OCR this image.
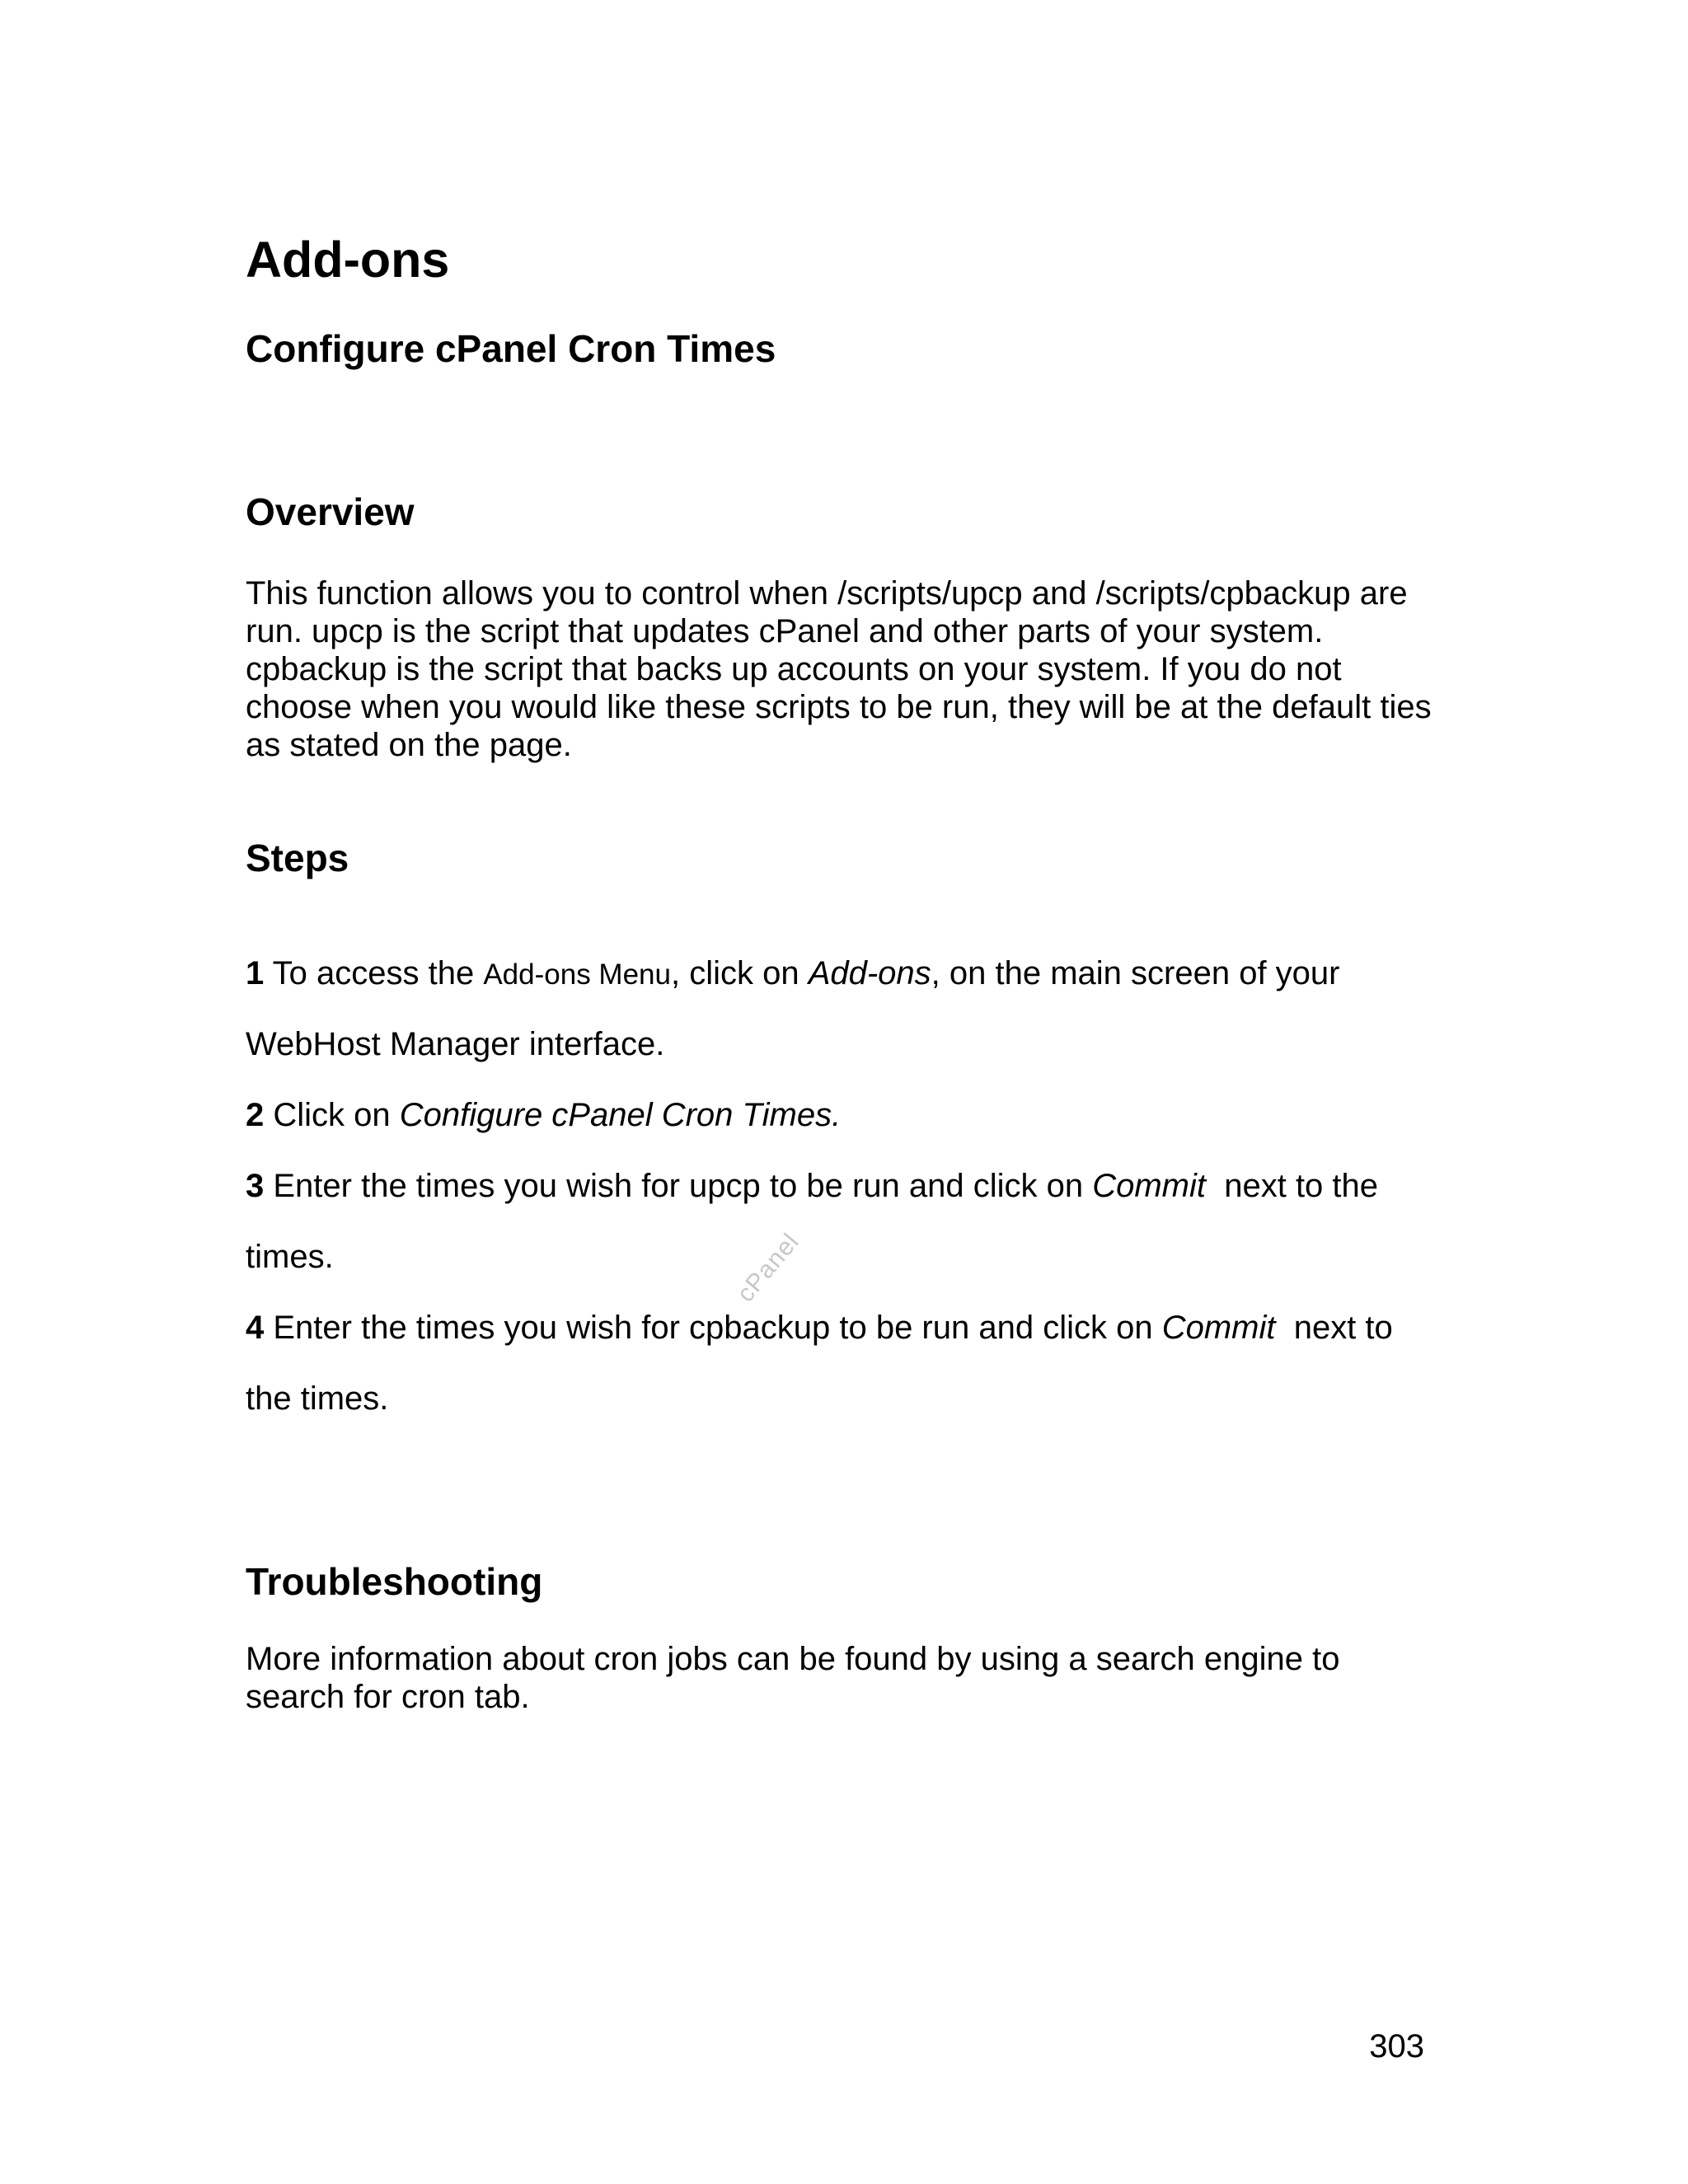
Add-ons
Configure cPanel Cron Times
Overview

This function allows you to control when /scripts/upcp and /scripts/cpbackup are run. upcp is the script that updates cPanel and other parts of your system. cpbackup is the script that backs up accounts on your system. If you do not choose when you would like these scripts to be run, they will be at the default ties as stated on the page.

Steps
1 To access the Add-ons Menu, click on Add-ons, on the main screen of your
WebHost Manager interface.
2 Click on Configure cPanel Cron Times.
3 Enter the times you wish for upcp to be run and click on Commit  next to the
times.
4 Enter the times you wish for cpbackup to be run and click on Commit  next to
the times.
cPanel
Troubleshooting

More information about cron jobs can be found by using a search engine to search for cron tab.

303
